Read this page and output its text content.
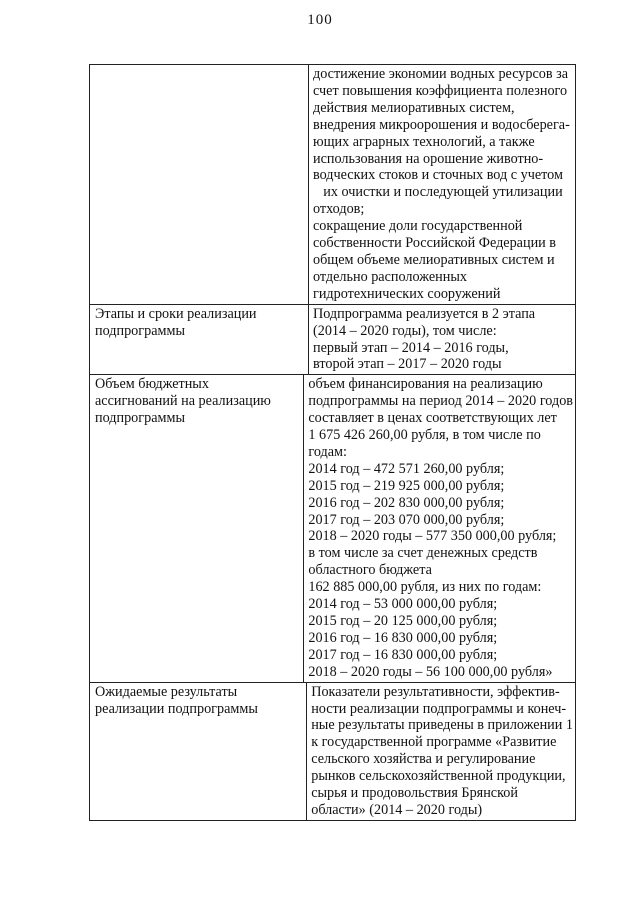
100
достижение экономии водных ресурсов за
счет повышения коэффициента полезного
действия мелиоративных систем,
внедрения микроорошения и водосберега-
ющих аграрных технологий, а также
использования на орошение животно-
водческих стоков и сточных вод с учетом
их очистки и последующей утилизации
отходов;
сокращение доли государственной
собственности Российской Федерации в
общем объеме мелиоративных систем и
отдельно расположенных
гидротехнических сооружений
Этапы и сроки реализации
подпрограммы
Подпрограмма реализуется в 2 этапа
(2014 – 2020 годы), том числе:
первый этап – 2014 – 2016 годы,
второй этап – 2017 – 2020 годы
Объем бюджетных
ассигнований на реализацию
подпрограммы
объем финансирования на реализацию
подпрограммы на период 2014 – 2020 годов
составляет в ценах соответствующих лет
1 675 426 260,00 рубля, в том числе по
годам:
2014 год – 472 571 260,00 рубля;
2015 год – 219 925 000,00 рубля;
2016 год – 202 830 000,00 рубля;
2017 год – 203 070 000,00 рубля;
2018 – 2020 годы – 577 350 000,00 рубля;
в том числе за счет денежных средств
областного бюджета
162 885 000,00 рубля, из них по годам:
2014 год – 53 000 000,00 рубля;
2015 год – 20 125 000,00 рубля;
2016 год – 16 830 000,00 рубля;
2017 год – 16 830 000,00 рубля;
2018 – 2020 годы – 56 100 000,00 рубля»
Ожидаемые результаты
реализации подпрограммы
Показатели результативности, эффектив-
ности реализации подпрограммы и конеч-
ные результаты приведены в приложении 1
к государственной программе «Развитие
сельского хозяйства и регулирование
рынков сельскохозяйственной продукции,
сырья и продовольствия Брянской
области» (2014 – 2020 годы)
